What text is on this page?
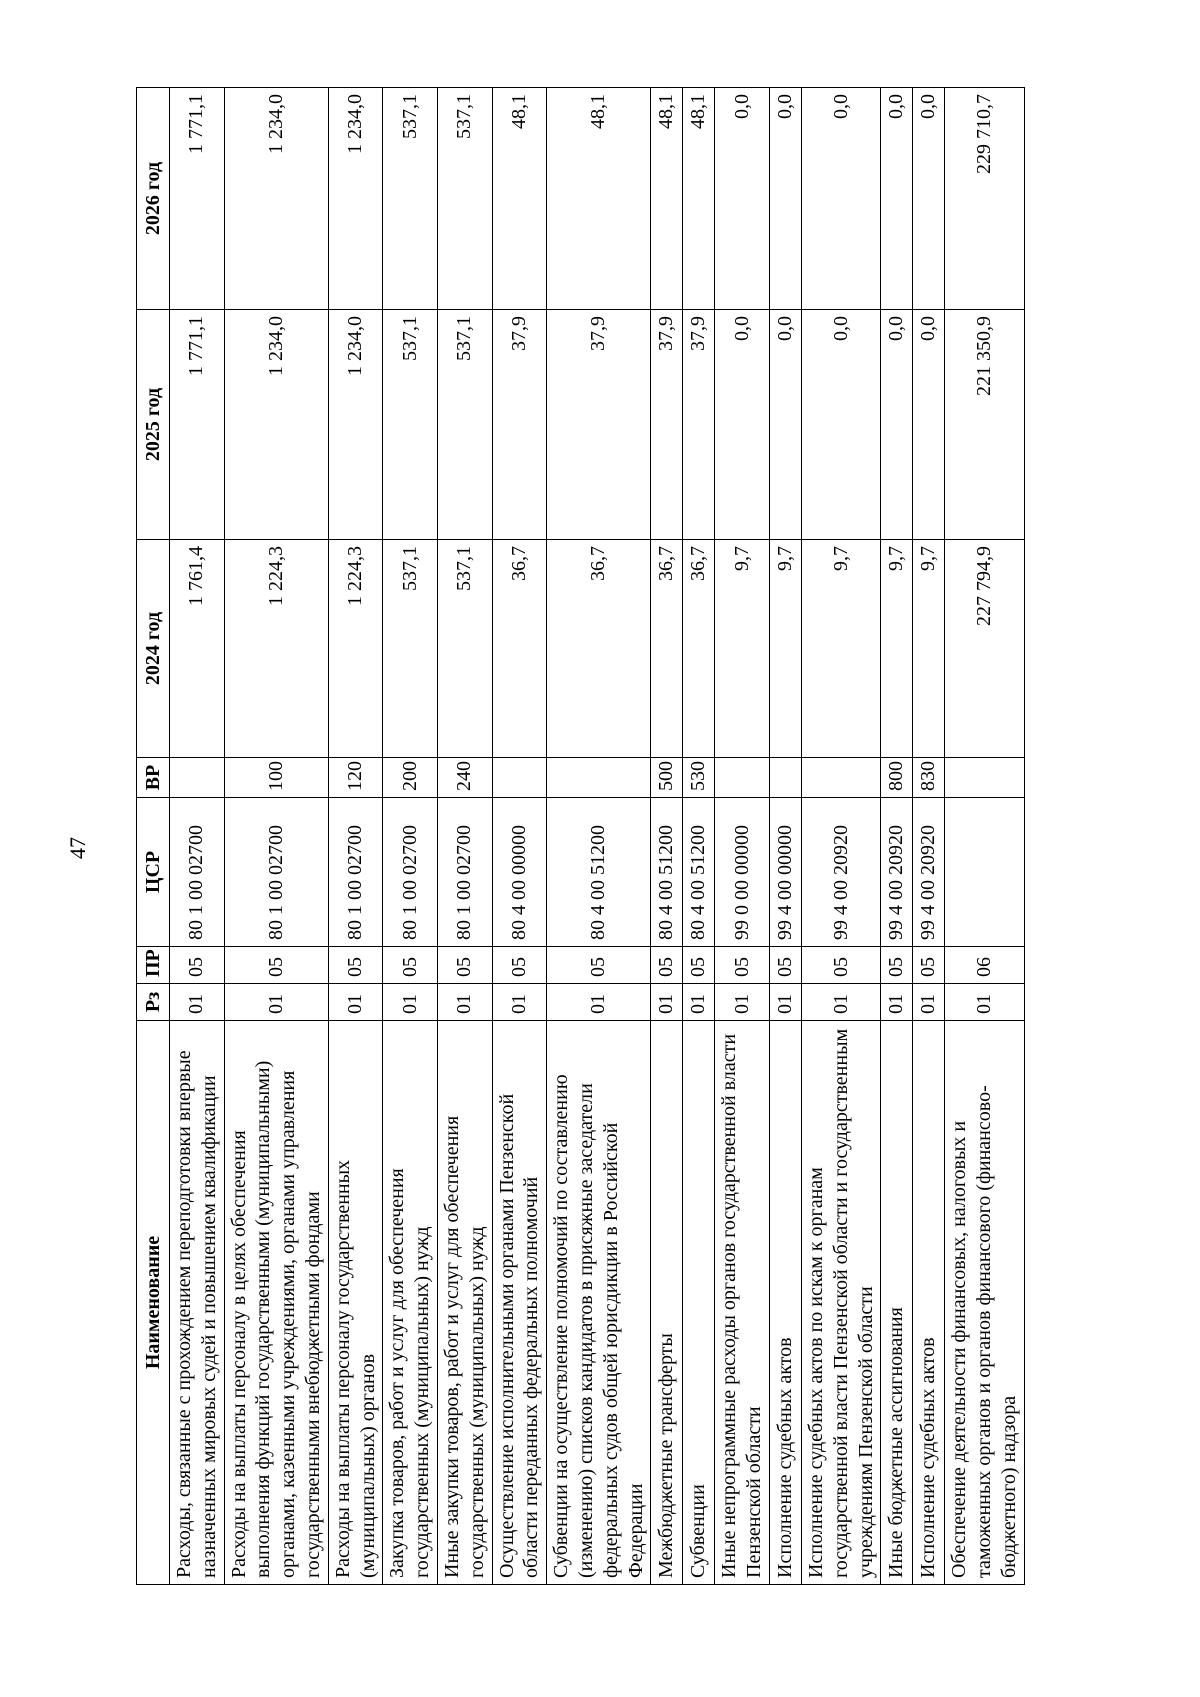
47
Наименование	Рз	ПР	ЦСР	ВР	2024 год	2025 год	2026 год
Расходы, связанные с прохождением переподготовки впервые назначенных мировых судей и повышением квалификации	01	05	80 1 00 02700		1 761,4	1 771,1	1 771,1
Расходы на выплаты персоналу в целях обеспечения выполнения функций государственными (муниципальными) органами, казенными учреждениями, органами управления государственными внебюджетными фондами	01	05	80 1 00 02700	100	1 224,3	1 234,0	1 234,0
Расходы на выплаты персоналу государственных (муниципальных) органов	01	05	80 1 00 02700	120	1 224,3	1 234,0	1 234,0
Закупка товаров, работ и услуг для обеспечения государственных (муниципальных) нужд	01	05	80 1 00 02700	200	537,1	537,1	537,1
Иные закупки товаров, работ и услуг для обеспечения государственных (муниципальных) нужд	01	05	80 1 00 02700	240	537,1	537,1	537,1
Осуществление исполнительными органами Пензенской области переданных федеральных полномочий	01	05	80 4 00 00000		36,7	37,9	48,1
Субвенции на осуществление полномочий по составлению (изменению) списков кандидатов в присяжные заседатели федеральных судов общей юрисдикции в Российской Федерации	01	05	80 4 00 51200		36,7	37,9	48,1
Межбюджетные трансферты	01	05	80 4 00 51200	500	36,7	37,9	48,1
Субвенции	01	05	80 4 00 51200	530	36,7	37,9	48,1
Иные непрограммные расходы органов государственной власти Пензенской области	01	05	99 0 00 00000		9,7	0,0	0,0
Исполнение судебных актов	01	05	99 4 00 00000		9,7	0,0	0,0
Исполнение судебных актов по искам к органам государственной власти Пензенской области и государственным учреждениям Пензенской области	01	05	99 4 00 20920		9,7	0,0	0,0
Иные бюджетные ассигнования	01	05	99 4 00 20920	800	9,7	0,0	0,0
Исполнение судебных актов	01	05	99 4 00 20920	830	9,7	0,0	0,0
Обеспечение деятельности финансовых, налоговых и таможенных органов и органов финансового (финансово-бюджетного) надзора	01	06			227 794,9	221 350,9	229 710,7
